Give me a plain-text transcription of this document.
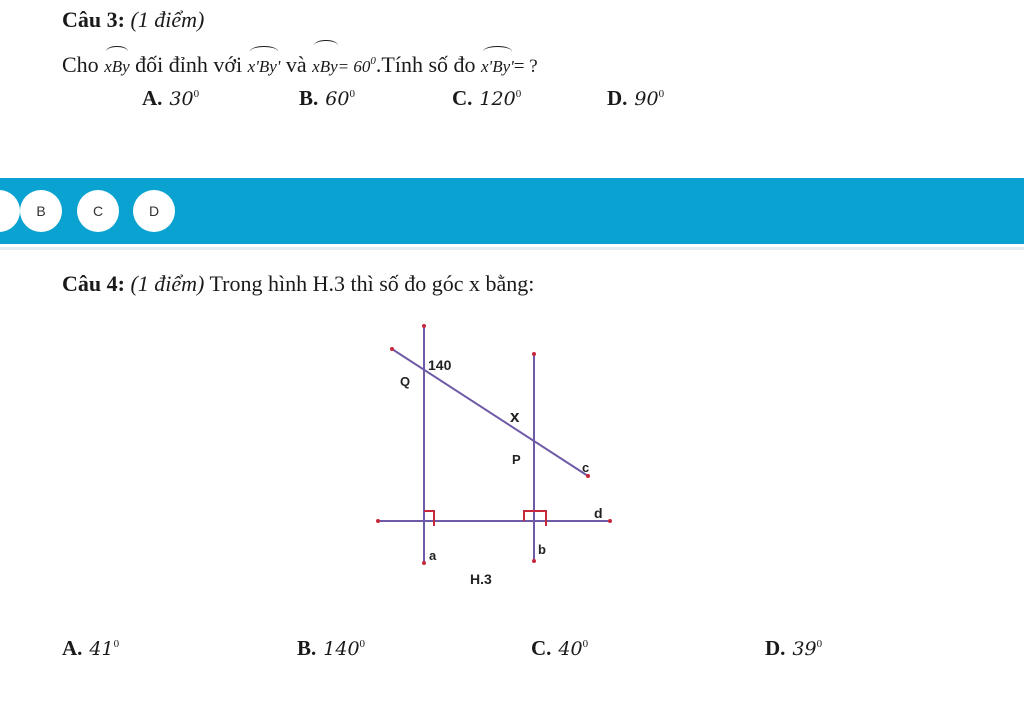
Câu 3: (1 điểm)
Cho xBy đối đỉnh với x'By' và $xBy= 60^0.Tính$ số đo x'By'= ?
A. $30^0$	B. $60^0$	C. $120^0$	D. $90^0$
B	C	D
Câu 4: (1 điểm) Trong hình H.3 thì số đo góc x bằng:
140
Q
x
P
c
d
a	b
H.3
A. $41^0$	B. $140^0$	C. $40^0$	D. $39^0$
